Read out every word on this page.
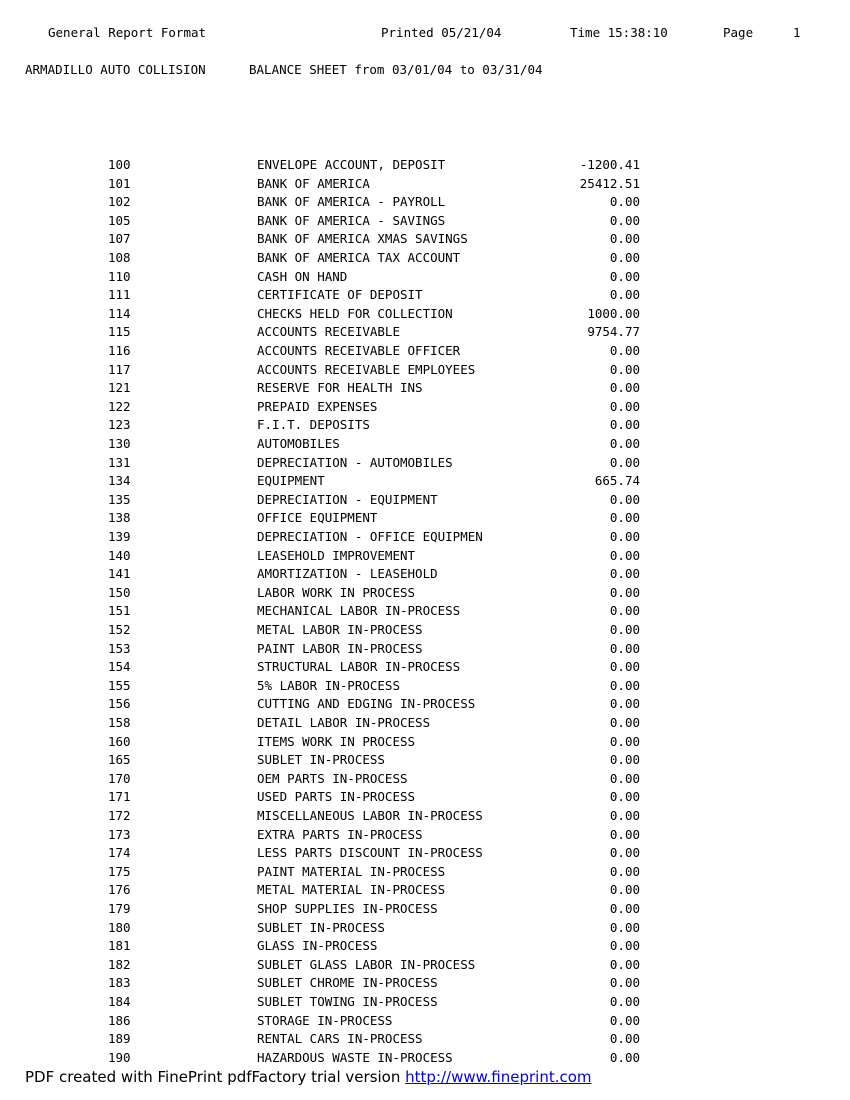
General Report Format	Printed 05/21/04	Time 15:38:10	Page	1
ARMADILLO AUTO COLLISION	BALANCE SHEET from 03/01/04 to 03/31/04
100	ENVELOPE ACCOUNT, DEPOSIT	-1200.41
101	BANK OF AMERICA	25412.51
102	BANK OF AMERICA - PAYROLL	0.00
105	BANK OF AMERICA - SAVINGS	0.00
107	BANK OF AMERICA XMAS SAVINGS	0.00
108	BANK OF AMERICA TAX ACCOUNT	0.00
110	CASH ON HAND	0.00
111	CERTIFICATE OF DEPOSIT	0.00
114	CHECKS HELD FOR COLLECTION	1000.00
115	ACCOUNTS RECEIVABLE	9754.77
116	ACCOUNTS RECEIVABLE OFFICER	0.00
117	ACCOUNTS RECEIVABLE EMPLOYEES	0.00
121	RESERVE FOR HEALTH INS	0.00
122	PREPAID EXPENSES	0.00
123	F.I.T. DEPOSITS	0.00
130	AUTOMOBILES	0.00
131	DEPRECIATION - AUTOMOBILES	0.00
134	EQUIPMENT	665.74
135	DEPRECIATION - EQUIPMENT	0.00
138	OFFICE EQUIPMENT	0.00
139	DEPRECIATION - OFFICE EQUIPMEN	0.00
140	LEASEHOLD IMPROVEMENT	0.00
141	AMORTIZATION - LEASEHOLD	0.00
150	LABOR WORK IN PROCESS	0.00
151	MECHANICAL LABOR IN-PROCESS	0.00
152	METAL LABOR IN-PROCESS	0.00
153	PAINT LABOR IN-PROCESS	0.00
154	STRUCTURAL LABOR IN-PROCESS	0.00
155	5% LABOR IN-PROCESS	0.00
156	CUTTING AND EDGING IN-PROCESS	0.00
158	DETAIL LABOR IN-PROCESS	0.00
160	ITEMS WORK IN PROCESS	0.00
165	SUBLET IN-PROCESS	0.00
170	OEM PARTS IN-PROCESS	0.00
171	USED PARTS IN-PROCESS	0.00
172	MISCELLANEOUS LABOR IN-PROCESS	0.00
173	EXTRA PARTS IN-PROCESS	0.00
174	LESS PARTS DISCOUNT IN-PROCESS	0.00
175	PAINT MATERIAL IN-PROCESS	0.00
176	METAL MATERIAL IN-PROCESS	0.00
179	SHOP SUPPLIES IN-PROCESS	0.00
180	SUBLET IN-PROCESS	0.00
181	GLASS IN-PROCESS	0.00
182	SUBLET GLASS LABOR IN-PROCESS	0.00
183	SUBLET CHROME IN-PROCESS	0.00
184	SUBLET TOWING IN-PROCESS	0.00
186	STORAGE IN-PROCESS	0.00
189	RENTAL CARS IN-PROCESS	0.00
190	HAZARDOUS WASTE IN-PROCESS	0.00
PDF created with FinePrint pdfFactory trial version http://www.fineprint.com
